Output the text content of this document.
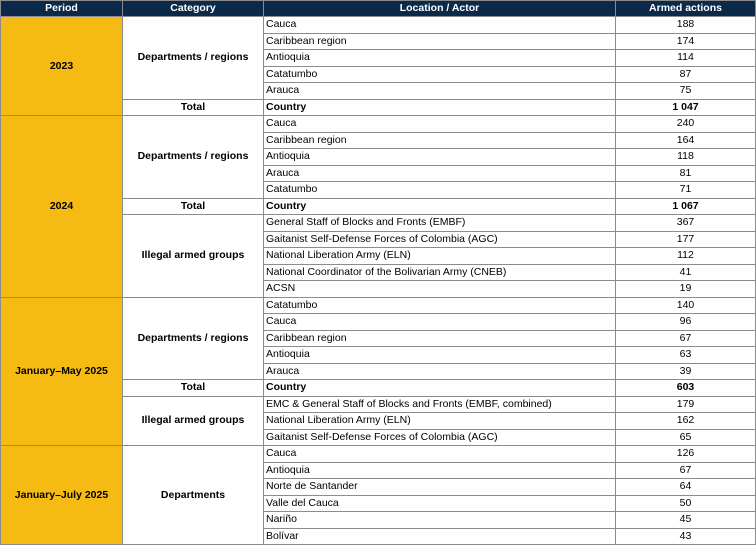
Period	Category	Location / Actor	Armed actions
2023	Departments / regions	Cauca	188
		Caribbean region	174
		Antioquia	114
		Catatumbo	87
		Arauca	75
	Total	Country	1 047
2024	Departments / regions	Cauca	240
		Caribbean region	164
		Antioquia	118
		Arauca	81
		Catatumbo	71
	Total	Country	1 067
	Illegal armed groups	General Staff of Blocks and Fronts (EMBF)	367
		Gaitanist Self-Defense Forces of Colombia (AGC)	177
		National Liberation Army (ELN)	112
		National Coordinator of the Bolivarian Army (CNEB)	41
		ACSN	19
January–May 2025	Departments / regions	Catatumbo	140
		Cauca	96
		Caribbean region	67
		Antioquia	63
		Arauca	39
	Total	Country	603
	Illegal armed groups	EMC & General Staff of Blocks and Fronts (EMBF, combined)	179
		National Liberation Army (ELN)	162
		Gaitanist Self-Defense Forces of Colombia (AGC)	65
January–July 2025	Departments	Cauca	126
		Antioquia	67
		Norte de Santander	64
		Valle del Cauca	50
		Nariño	45
		Bolívar	43
